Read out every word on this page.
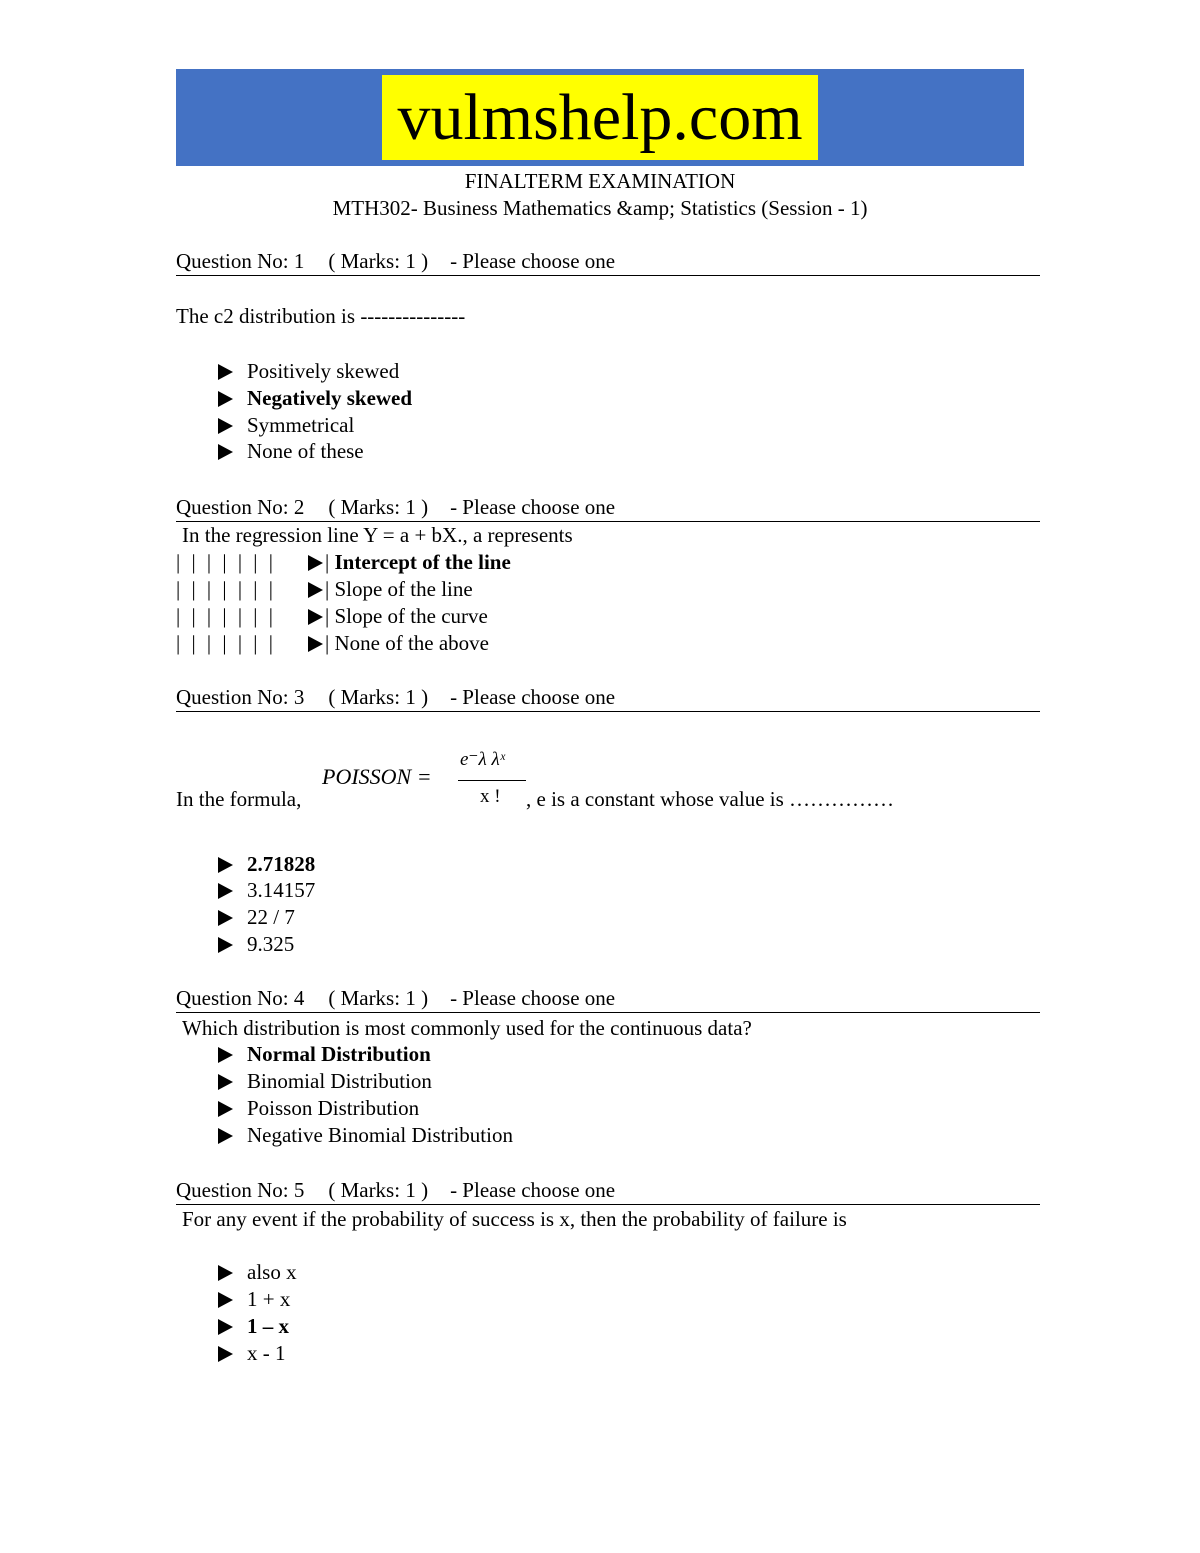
vulmshelp.com
FINALTERM EXAMINATION
MTH302- Business Mathematics &amp; Statistics (Session - 1)
Question No: 1 ( Marks: 1 ) - Please choose one
The c2 distribution is ---------------
Positively skewed
Negatively skewed
Symmetrical
None of these
Question No: 2 ( Marks: 1 ) - Please choose one
In the regression line Y = a + bX., a represents
| | | | | | |	| Intercept of the line
| | | | | | |	| Slope of the line
| | | | | | |	| Slope of the curve
| | | | | | |	| None of the above
Question No: 3 ( Marks: 1 ) - Please choose one
In the formula,
POISSON =
e⁻λ λˣ
x ! , e is a constant whose value is ……………
2.71828
3.14157
22 / 7
9.325
Question No: 4 ( Marks: 1 ) - Please choose one
Which distribution is most commonly used for the continuous data?
Normal Distribution
Binomial Distribution
Poisson Distribution
Negative Binomial Distribution
Question No: 5 ( Marks: 1 ) - Please choose one
For any event if the probability of success is x, then the probability of failure is
also x
1 + x
1 – x
x - 1
